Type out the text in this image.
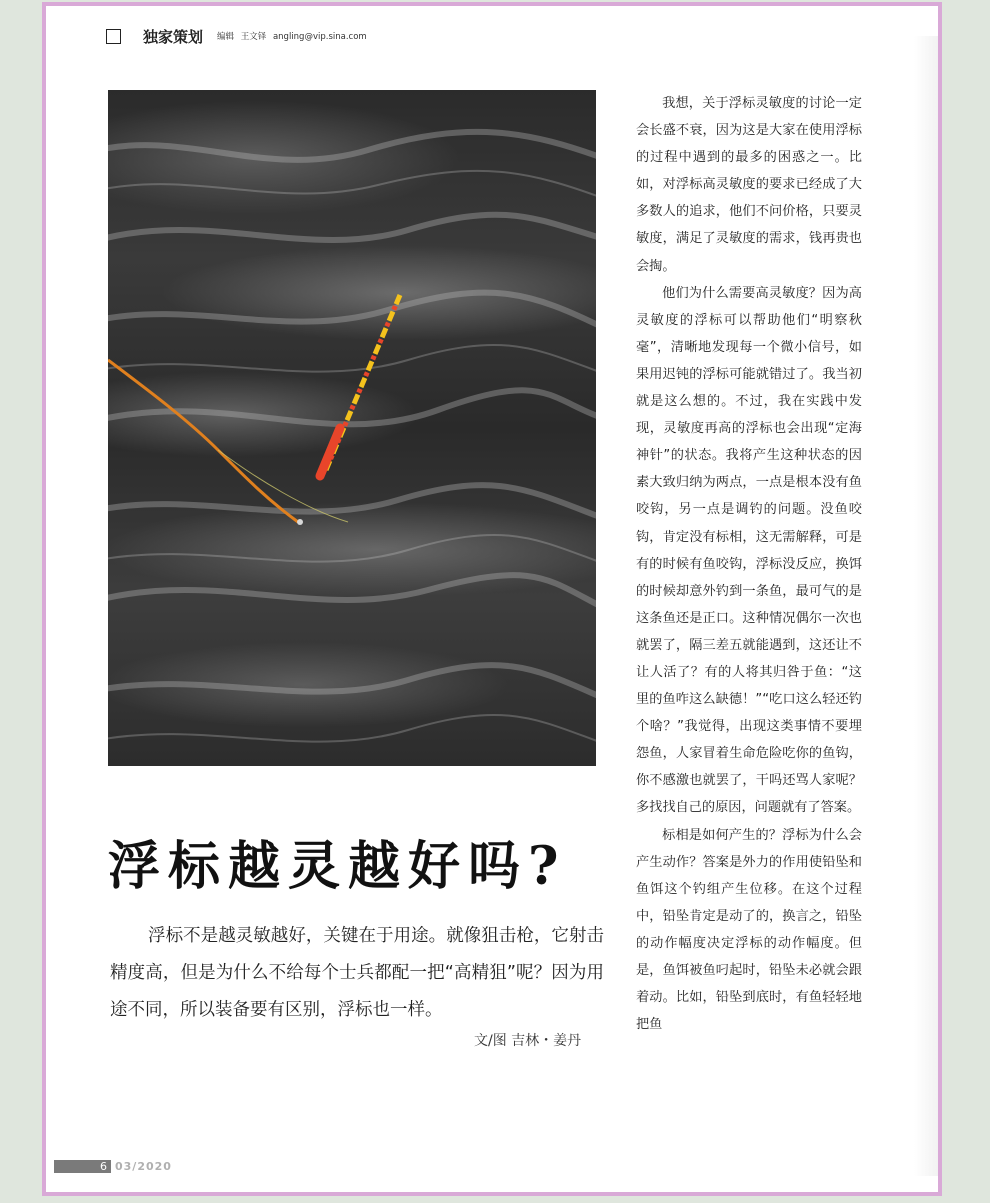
独家策划 编辑 王文铎 angling@vip.sina.com
浮标越灵越好吗?
浮标不是越灵敏越好，关键在于用途。就像狙击枪，它射击精度高，但是为什么不给每个士兵都配一把“高精狙”呢？因为用途不同，所以装备要有区别，浮标也一样。
文/图 吉林・姜丹

我想，关于浮标灵敏度的讨论一定会长盛不衰，因为这是大家在使用浮标的过程中遇到的最多的困惑之一。比如，对浮标高灵敏度的要求已经成了大多数人的追求，他们不问价格，只要灵敏度，满足了灵敏度的需求，钱再贵也会掏。

他们为什么需要高灵敏度？因为高灵敏度的浮标可以帮助他们“明察秋毫”，清晰地发现每一个微小信号，如果用迟钝的浮标可能就错过了。我当初就是这么想的。不过，我在实践中发现，灵敏度再高的浮标也会出现“定海神针”的状态。我将产生这种状态的因素大致归纳为两点，一点是根本没有鱼咬钩，另一点是调钓的问题。没鱼咬钩，肯定没有标相，这无需解释，可是有的时候有鱼咬钩，浮标没反应，换饵的时候却意外钓到一条鱼，最可气的是这条鱼还是正口。这种情况偶尔一次也就罢了，隔三差五就能遇到，这还让不让人活了？有的人将其归咎于鱼：“这里的鱼咋这么缺德！”“吃口这么轻还钓个啥？”我觉得，出现这类事情不要埋怨鱼，人家冒着生命危险吃你的鱼钩，你不感激也就罢了，干吗还骂人家呢？多找找自己的原因，问题就有了答案。

标相是如何产生的？浮标为什么会产生动作？答案是外力的作用使铅坠和鱼饵这个钓组产生位移。在这个过程中，铅坠肯定是动了的，换言之，铅坠的动作幅度决定浮标的动作幅度。但是，鱼饵被鱼叼起时，铅坠未必就会跟着动。比如，铅坠到底时，有鱼轻轻地把鱼

6 03/2020
